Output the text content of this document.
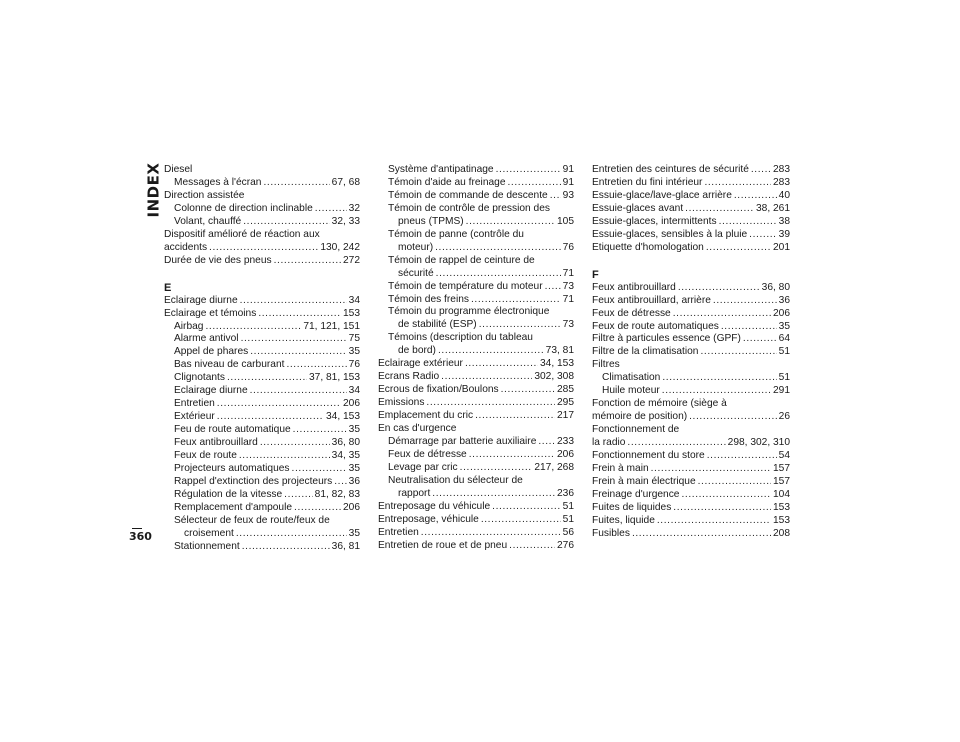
INDEX
360
Diesel
Messages à l'écran .....	67, 68
Direction assistée
Colonne de direction inclinable .....	32
Volant, chauffé .....	32, 33
Dispositif amélioré de réaction aux
accidents .....	130, 242
Durée de vie des pneus .....	272
E
Eclairage diurne .....	34
Eclairage et témoins .....	153
Airbag .....	71, 121, 151
Alarme antivol .....	75
Appel de phares .....	35
Bas niveau de carburant .....	76
Clignotants .....	37, 81, 153
Eclairage diurne .....	34
Entretien .....	206
Extérieur .....	34, 153
Feu de route automatique .....	35
Feux antibrouillard .....	36, 80
Feux de route .....	34, 35
Projecteurs automatiques .....	35
Rappel d'extinction des projecteurs ..... 36
Régulation de la vitesse .....	81, 82, 83
Remplacement d'ampoule .....	206
Sélecteur de feux de route/feux de
croisement .....	35
Stationnement .....	36, 81
Système d'antipatinage .....	91
Témoin d'aide au freinage .....	91
Témoin de commande de descente ..... 93
Témoin de contrôle de pression des
pneus (TPMS) .....	105
Témoin de panne (contrôle du
moteur) .....	76
Témoin de rappel de ceinture de
sécurité .....	71
Témoin de température du moteur ..... 73
Témoin des freins .....	71
Témoin du programme électronique
de stabilité (ESP) .....	73
Témoins (description du tableau
de bord) .....	73, 81
Eclairage extérieur .....	34, 153
Ecrans Radio .....	302, 308
Ecrous de fixation/Boulons .....	285
Emissions .....	295
Emplacement du cric .....	217
En cas d'urgence
Démarrage par batterie auxiliaire ..... 233
Feux de détresse .....	206
Levage par cric .....	217, 268
Neutralisation du sélecteur de
rapport .....	236
Entreposage du véhicule .....	51
Entreposage, véhicule .....	51
Entretien .....	56
Entretien de roue et de pneu .....	276
Entretien des ceintures de sécurité ..... 283
Entretien du fini intérieur .....	283
Essuie-glace/lave-glace arrière .....	40
Essuie-glaces avant .....	38, 261
Essuie-glaces, intermittents .....	38
Essuie-glaces, sensibles à la pluie .....	39
Etiquette d'homologation .....	201
F
Feux antibrouillard .....	36, 80
Feux antibrouillard, arrière .....	36
Feux de détresse .....	206
Feux de route automatiques .....	35
Filtre à particules essence (GPF) .....	64
Filtre de la climatisation .....	51
Filtres
Climatisation .....	51
Huile moteur .....	291
Fonction de mémoire (siège à
mémoire de position) .....	26
Fonctionnement de
la radio .....	298, 302, 310
Fonctionnement du store .....	54
Frein à main .....	157
Frein à main électrique .....	157
Freinage d'urgence .....	104
Fuites de liquides .....	153
Fuites, liquide .....	153
Fusibles .....	208
